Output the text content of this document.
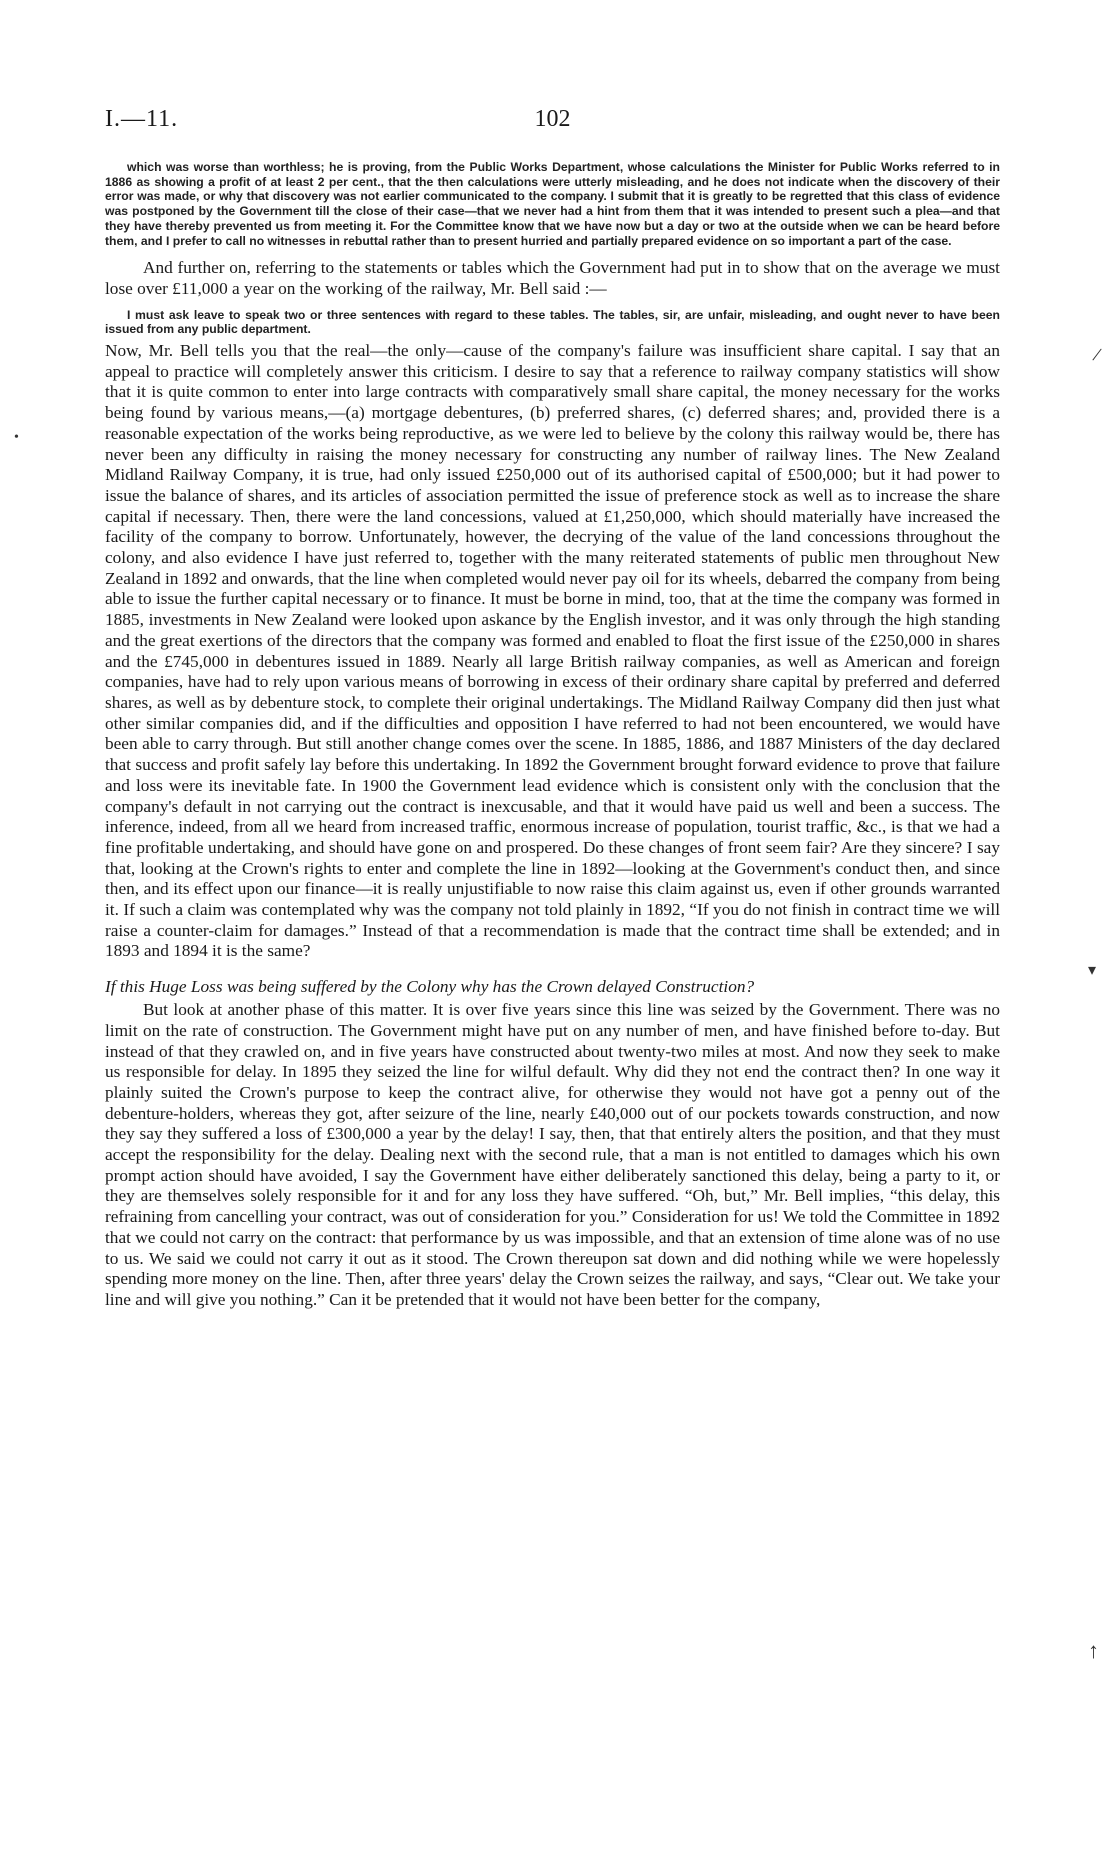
I.—11.	102

which was worse than worthless; he is proving, from the Public Works Department, whose calculations the Minister for Public Works referred to in 1886 as showing a profit of at least 2 per cent., that the then calculations were utterly misleading, and he does not indicate when the discovery of their error was made, or why that discovery was not earlier communicated to the company. I submit that it is greatly to be regretted that this class of evidence was postponed by the Government till the close of their case—that we never had a hint from them that it was intended to present such a plea—and that they have thereby prevented us from meeting it. For the Committee know that we have now but a day or two at the outside when we can be heard before them, and I prefer to call no witnesses in rebuttal rather than to present hurried and partially prepared evidence on so important a part of the case.

And further on, referring to the statements or tables which the Government had put in to show that on the average we must lose over £11,000 a year on the working of the railway, Mr. Bell said :—

I must ask leave to speak two or three sentences with regard to these tables. The tables, sir, are unfair, misleading, and ought never to have been issued from any public department.

Now, Mr. Bell tells you that the real—the only—cause of the company's failure was insufficient share capital. I say that an appeal to practice will completely answer this criticism. I desire to say that a reference to railway company statistics will show that it is quite common to enter into large contracts with comparatively small share capital, the money necessary for the works being found by various means,—(a) mortgage debentures, (b) preferred shares, (c) deferred shares; and, provided there is a reasonable expectation of the works being reproductive, as we were led to believe by the colony this railway would be, there has never been any difficulty in raising the money necessary for constructing any number of railway lines. The New Zealand Midland Railway Company, it is true, had only issued £250,000 out of its authorised capital of £500,000; but it had power to issue the balance of shares, and its articles of association permitted the issue of preference stock as well as to increase the share capital if necessary. Then, there were the land concessions, valued at £1,250,000, which should materially have increased the facility of the company to borrow. Unfortunately, however, the decrying of the value of the land concessions throughout the colony, and also evidence I have just referred to, together with the many reiterated statements of public men throughout New Zealand in 1892 and onwards, that the line when completed would never pay oil for its wheels, debarred the company from being able to issue the further capital necessary or to finance. It must be borne in mind, too, that at the time the company was formed in 1885, investments in New Zealand were looked upon askance by the English investor, and it was only through the high standing and the great exertions of the directors that the company was formed and enabled to float the first issue of the £250,000 in shares and the £745,000 in debentures issued in 1889. Nearly all large British railway companies, as well as American and foreign companies, have had to rely upon various means of borrowing in excess of their ordinary share capital by preferred and deferred shares, as well as by debenture stock, to complete their original undertakings. The Midland Railway Company did then just what other similar companies did, and if the difficulties and opposition I have referred to had not been encountered, we would have been able to carry through. But still another change comes over the scene. In 1885, 1886, and 1887 Ministers of the day declared that success and profit safely lay before this undertaking. In 1892 the Government brought forward evidence to prove that failure and loss were its inevitable fate. In 1900 the Government lead evidence which is consistent only with the conclusion that the company's default in not carrying out the contract is inexcusable, and that it would have paid us well and been a success. The inference, indeed, from all we heard from increased traffic, enormous increase of population, tourist traffic, &c., is that we had a fine profitable undertaking, and should have gone on and prospered. Do these changes of front seem fair? Are they sincere? I say that, looking at the Crown's rights to enter and complete the line in 1892—looking at the Government's conduct then, and since then, and its effect upon our finance—it is really unjustifiable to now raise this claim against us, even if other grounds warranted it. If such a claim was contemplated why was the company not told plainly in 1892, “If you do not finish in contract time we will raise a counter-claim for damages.” Instead of that a recommendation is made that the contract time shall be extended; and in 1893 and 1894 it is the same?

If this Huge Loss was being suffered by the Colony why has the Crown delayed Construction?

But look at another phase of this matter. It is over five years since this line was seized by the Government. There was no limit on the rate of construction. The Government might have put on any number of men, and have finished before to-day. But instead of that they crawled on, and in five years have constructed about twenty-two miles at most. And now they seek to make us responsible for delay. In 1895 they seized the line for wilful default. Why did they not end the contract then? In one way it plainly suited the Crown's purpose to keep the contract alive, for otherwise they would not have got a penny out of the debenture-holders, whereas they got, after seizure of the line, nearly £40,000 out of our pockets towards construction, and now they say they suffered a loss of £300,000 a year by the delay! I say, then, that that entirely alters the position, and that they must accept the responsibility for the delay. Dealing next with the second rule, that a man is not entitled to damages which his own prompt action should have avoided, I say the Government have either deliberately sanctioned this delay, being a party to it, or they are themselves solely responsible for it and for any loss they have suffered. “Oh, but,” Mr. Bell implies, “this delay, this refraining from cancelling your contract, was out of consideration for you.” Consideration for us! We told the Committee in 1892 that we could not carry on the contract: that performance by us was impossible, and that an extension of time alone was of no use to us. We said we could not carry it out as it stood. The Crown thereupon sat down and did nothing while we were hopelessly spending more money on the line. Then, after three years' delay the Crown seizes the railway, and says, “Clear out. We take your line and will give you nothing.” Can it be pretended that it would not have been better for the company,

/
•
▾
↑
